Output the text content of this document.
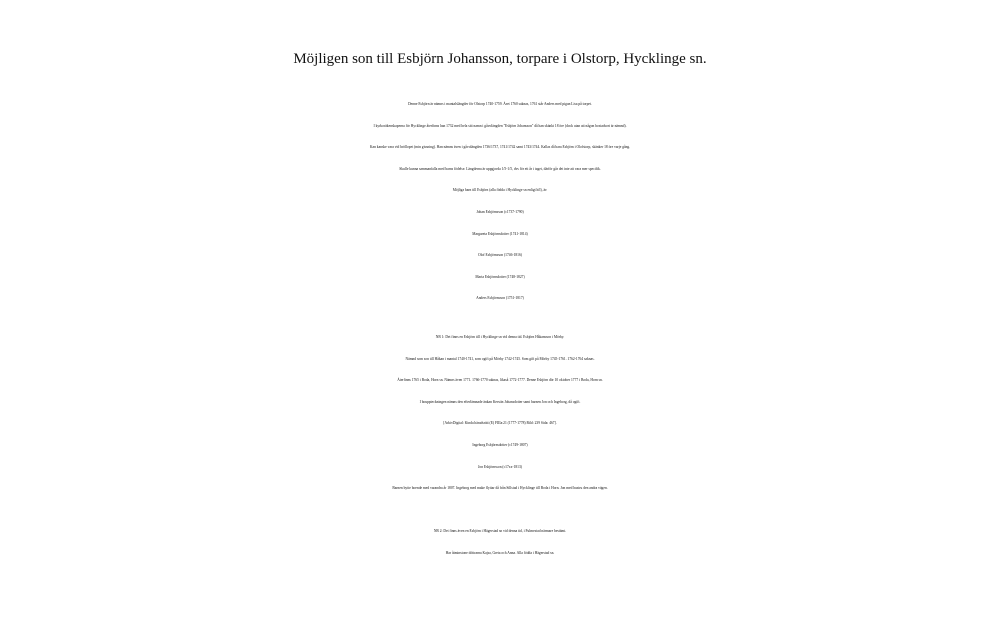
Möjligen son till Esbjörn Johansson, torpare i Olstorp, Hycklinge sn.
Denne Esbjörn är nämns i mantalslängder för Olstorp 1740-1759. Året 1760 saknas, 1761 står Anders med pigan Lisa på torpet.
I kyrkoräkenskaperna för Hycklinge återfinns han 1732 med hela sitt namn i gåvolängden "Esbjörn Johansson" då han skänkt 18 öre (dock utan att någon bostadsort är nämnd).
Kan kanske vara vid bröllopet (min gissning). Han nämns även i gåvolängden 1736/1737, 1741/1742 samt 1743/1744. Kallas då bara Esbjörn i Olofstorp, skänker 18 öre varje gång.
Skulle kunna sammanfalla med barns födelse. Längderna är uppgjorda 1/5-1/5, dvs för ett år i taget, därför går det inte att vara mer specifik.
Möjliga barn till Esbjörn (alla födda i Hycklinge sn enligt hfl), är:
Johan Esbjörnsson (c1737-1790)
Margareta Esbjörnsdotter (1741-1814)
Olof Esbjörnsson (1746-1816)
Maria Esbjörnsdotter (1748-1827)
Anders Esbjörnsson (1751-1817)
NB 1: Det finns en Esbjörn till i Hycklinge sn vid denna tid. Esbjörn Håkansson i Mörby.
Nämnd som son till Håkan i mantal 1740-1741, som ogift på Mörby 1742-1745. Som gift på Mörby 1745-1761. 1762-1764 saknas.
Återfinns 1765 i Boda, Horn sn. Nämns även 1771. 1766-1770 saknas, likaså 1772-1777. Denne Esbjörn dör 10 oktober 1777 i Boda, Horn sn.
I bouppteckningen nämns den efterlämnade änkan Kerstin Johansdotter samt barnen Jon och Ingeborg, då ogift.
[ArkivDigital: Kinda häradsrätt (E) FIIIa:21 (1777-1778) Bild: 239 Sida: 467].
Ingeborg Esbjörnsdotter (c1749-1807)
Jon Esbjörnsson (c17xx-1813)
Barnen bytte boende med varandra år 1807. Ingeborg med make flyttar då från Sillstad i Hycklinge till Boda i Horn. Jon med hustru den andra vägen.
NB 2: Det finns även en Esbjörn i Hägerstad sn vid denna tid, i Fulmestad närmare bestämt.
Har åtminstone döttrarna Kajsa, Greta och Anna. Alla födda i Hägerstad sn.
